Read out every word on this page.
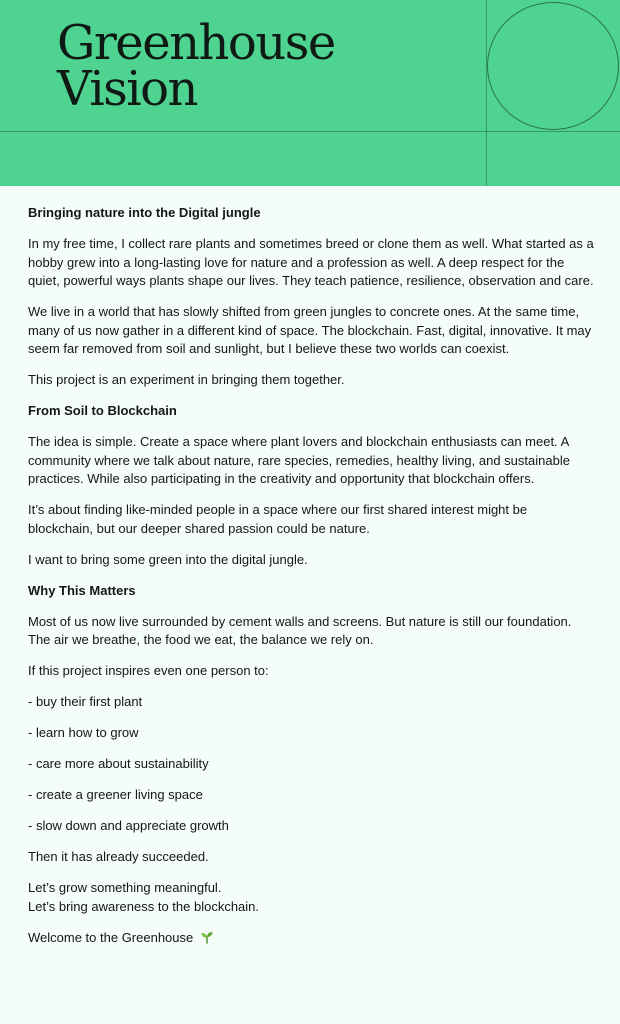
Greenhouse
Vision
Bringing nature into the Digital jungle

In my free time, I collect rare plants and sometimes breed or clone them as well. What started as a hobby grew into a long-lasting love for nature and a profession as well. A deep respect for the quiet, powerful ways plants shape our lives. They teach patience, resilience, observation and care.

We live in a world that has slowly shifted from green jungles to concrete ones. At the same time, many of us now gather in a different kind of space. The blockchain. Fast, digital, innovative. It may seem far removed from soil and sunlight, but I believe these two worlds can coexist.

This project is an experiment in bringing them together.

From Soil to Blockchain

The idea is simple. Create a space where plant lovers and blockchain enthusiasts can meet. A community where we talk about nature, rare species, remedies, healthy living, and sustainable practices. While also participating in the creativity and opportunity that blockchain offers.

It’s about finding like-minded people in a space where our first shared interest might be blockchain, but our deeper shared passion could be nature.

I want to bring some green into the digital jungle.

Why This Matters

Most of us now live surrounded by cement walls and screens. But nature is still our foundation. The air we breathe, the food we eat, the balance we rely on.

If this project inspires even one person to:

- buy their first plant

- learn how to grow

- care more about sustainability

- create a greener living space

- slow down and appreciate growth

Then it has already succeeded.

Let’s grow something meaningful.
Let’s bring awareness to the blockchain.

Welcome to the Greenhouse
